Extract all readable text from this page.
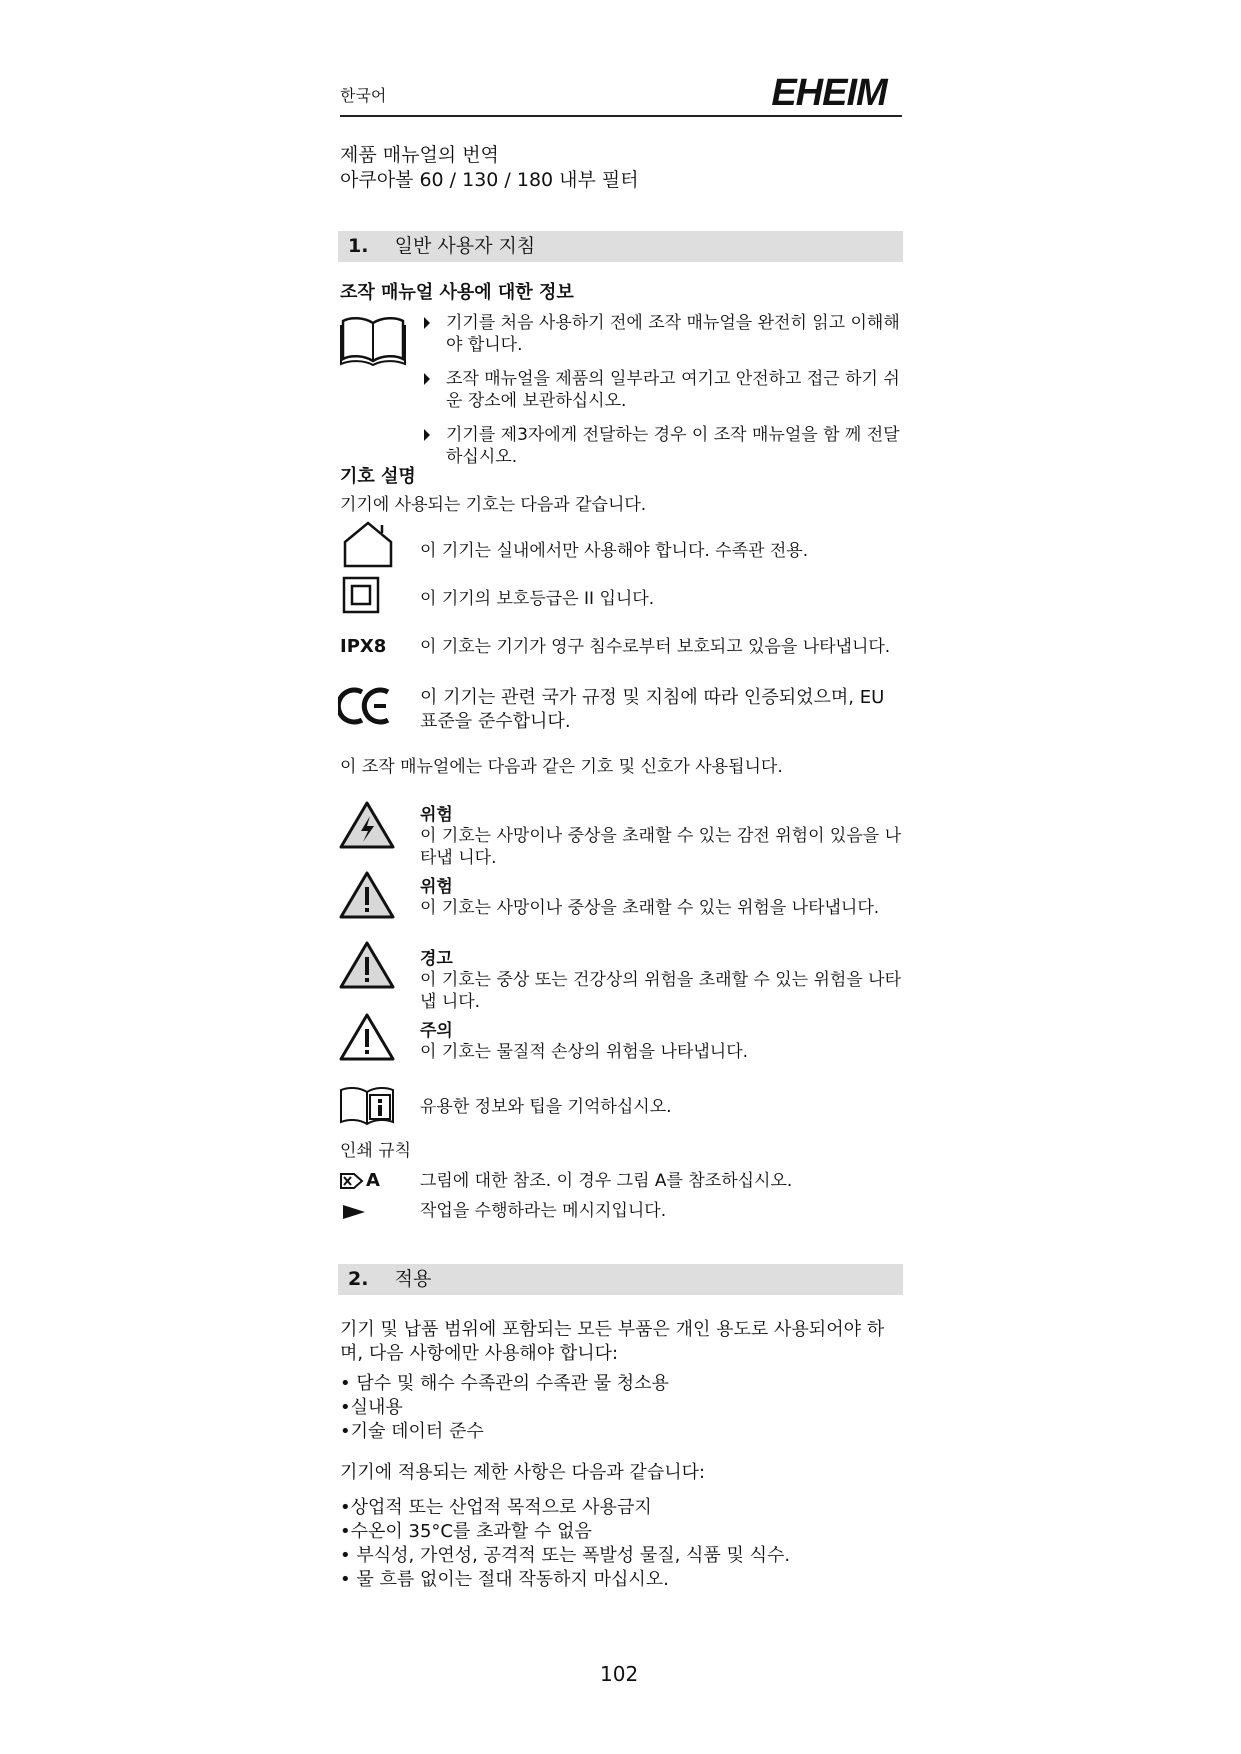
한국어	EHEIM
제품 매뉴얼의 번역
아쿠아볼 60 / 130 / 180 내부 필터
1. 일반 사용자 지침
조작 매뉴얼 사용에 대한 정보
기기를 처음 사용하기 전에 조작 매뉴얼을 완전히 읽고 이해해 야 합니다.
조작 매뉴얼을 제품의 일부라고 여기고 안전하고 접근 하기 쉬 운 장소에 보관하십시오.
기기를 제3자에게 전달하는 경우 이 조작 매뉴얼을 함 께 전달 하십시오.
기호 설명
기기에 사용되는 기호는 다음과 같습니다.
이 기기는 실내에서만 사용해야 합니다. 수족관 전용.
이 기기의 보호등급은 II 입니다.
IPX8 이 기호는 기기가 영구 침수로부터 보호되고 있음을 나타냅니다.
이 기기는 관련 국가 규정 및 지침에 따라 인증되었으며, EU 표준을 준수합니다.
이 조작 매뉴얼에는 다음과 같은 기호 및 신호가 사용됩니다.
위험
이 기호는 사망이나 중상을 초래할 수 있는 감전 위험이 있음을 나타냅 니다.
위험
이 기호는 사망이나 중상을 초래할 수 있는 위험을 나타냅니다.
경고
이 기호는 중상 또는 건강상의 위험을 초래할 수 있는 위험을 나타냅 니다.
주의
이 기호는 물질적 손상의 위험을 나타냅니다.
유용한 정보와 팁을 기억하십시오.
인쇄 규칙
A 그림에 대한 참조. 이 경우 그림 A를 참조하십시오.
작업을 수행하라는 메시지입니다.
2. 적용
기기 및 납품 범위에 포함되는 모든 부품은 개인 용도로 사용되어야 하며, 다음 사항에만 사용해야 합니다:
• 담수 및 해수 수족관의 수족관 물 청소용
•실내용
•기술 데이터 준수
기기에 적용되는 제한 사항은 다음과 같습니다:
•상업적 또는 산업적 목적으로 사용금지
•수온이 35°C를 초과할 수 없음
• 부식성, 가연성, 공격적 또는 폭발성 물질, 식품 및 식수.
• 물 흐름 없이는 절대 작동하지 마십시오.
102
